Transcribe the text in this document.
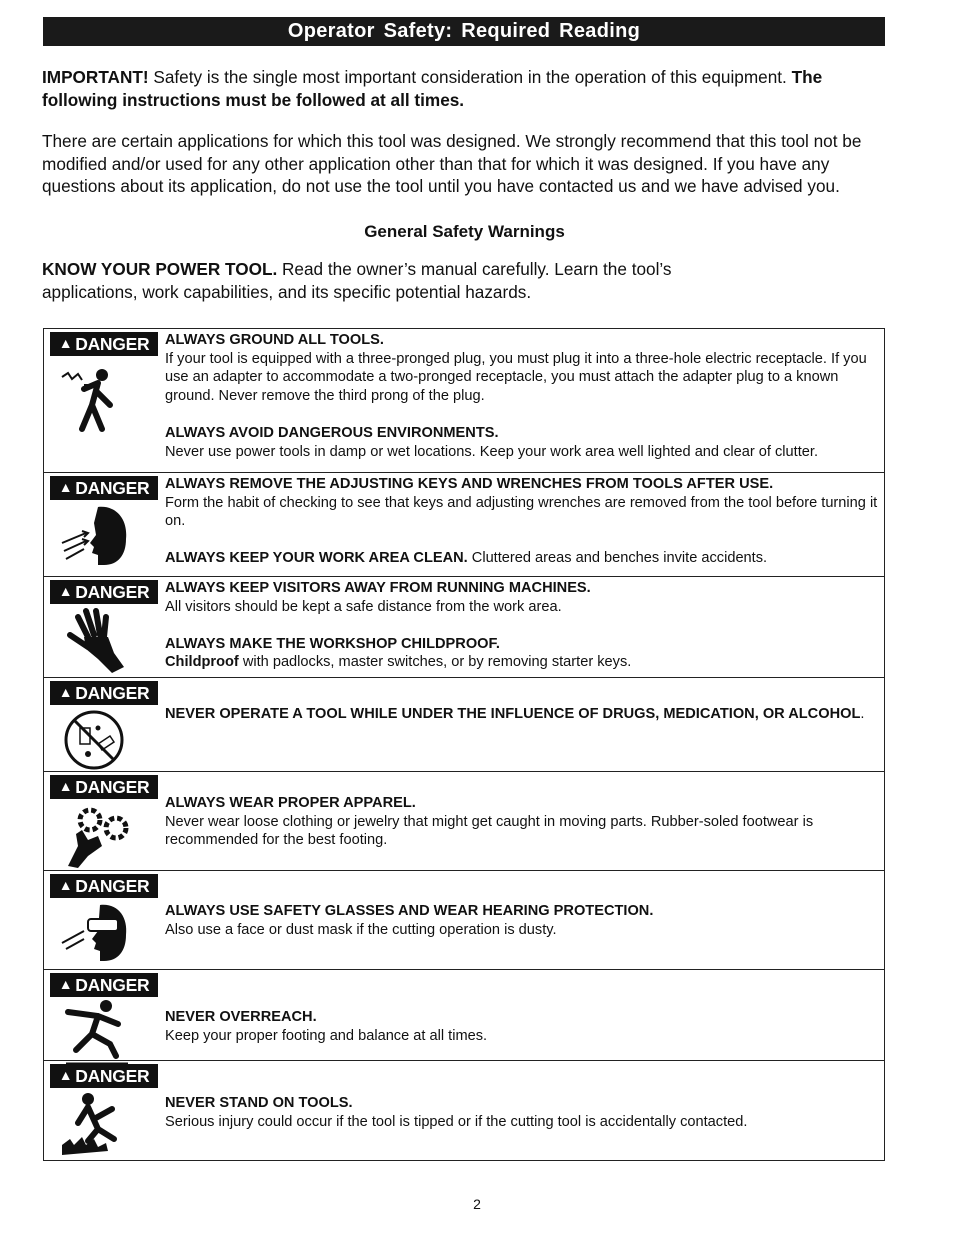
Operator Safety: Required Reading
IMPORTANT! Safety is the single most important consideration in the operation of this equipment. The following instructions must be followed at all times.
There are certain applications for which this tool was designed. We strongly recommend that this tool not be modified and/or used for any other application other than that for which it was designed. If you have any questions about its application, do not use the tool until you have contacted us and we have advised you.
General Safety Warnings
KNOW YOUR POWER TOOL. Read the owner’s manual carefully. Learn the tool’s applications, work capabilities, and its specific potential hazards.
▲ DANGER ALWAYS GROUND ALL TOOLS.
If your tool is equipped with a three-pronged plug, you must plug it into a three-hole electric receptacle. If you use an adapter to accommodate a two-pronged receptacle, you must attach the adapter plug to a known ground. Never remove the third prong of the plug.
ALWAYS AVOID DANGEROUS ENVIRONMENTS.
Never use power tools in damp or wet locations. Keep your work area well lighted and clear of clutter.
▲ DANGER ALWAYS REMOVE THE ADJUSTING KEYS AND WRENCHES FROM TOOLS AFTER USE.
Form the habit of checking to see that keys and adjusting wrenches are removed from the tool before turning it on.
ALWAYS KEEP YOUR WORK AREA CLEAN. Cluttered areas and benches invite accidents.
▲ DANGER ALWAYS KEEP VISITORS AWAY FROM RUNNING MACHINES.
All visitors should be kept a safe distance from the work area.
ALWAYS MAKE THE WORKSHOP CHILDPROOF.
Childproof with padlocks, master switches, or by removing starter keys.
▲ DANGER
NEVER OPERATE A TOOL WHILE UNDER THE INFLUENCE OF DRUGS, MEDICATION, OR ALCOHOL.
▲ DANGER
ALWAYS WEAR PROPER APPAREL.
Never wear loose clothing or jewelry that might get caught in moving parts. Rubber-soled footwear is recommended for the best footing.
▲ DANGER
ALWAYS USE SAFETY GLASSES AND WEAR HEARING PROTECTION.
Also use a face or dust mask if the cutting operation is dusty.
▲ DANGER
NEVER OVERREACH.
Keep your proper footing and balance at all times.
▲ DANGER
NEVER STAND ON TOOLS.
Serious injury could occur if the tool is tipped or if the cutting tool is accidentally contacted.
2
